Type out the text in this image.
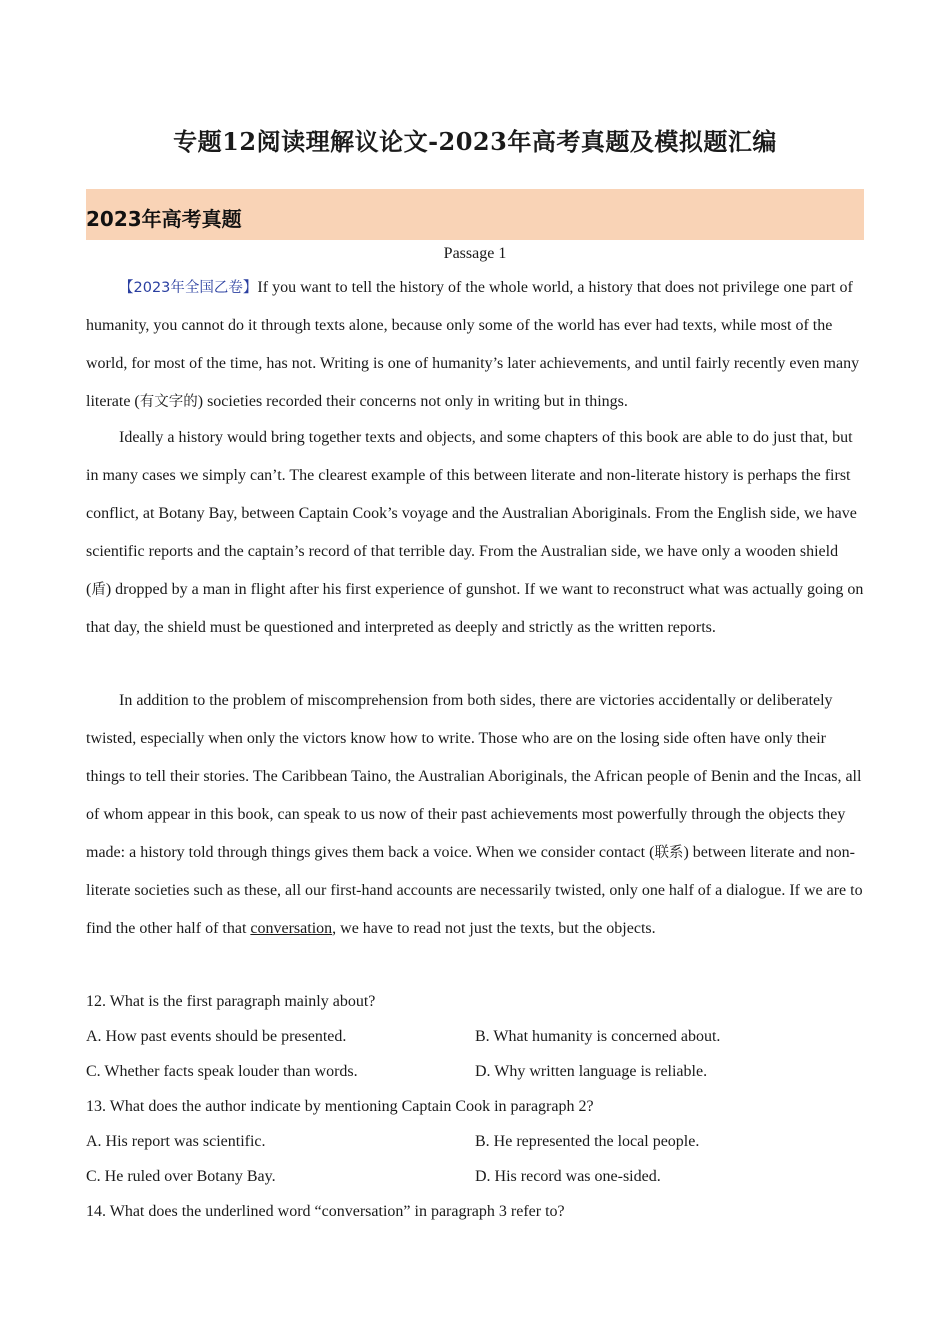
专题12阅读理解议论文-2023年高考真题及模拟题汇编
2023年高考真题
Passage 1

【2023年全国乙卷】If you want to tell the history of the whole world, a history that does not privilege one part of humanity, you cannot do it through texts alone, because only some of the world has ever had texts, while most of the world, for most of the time, has not. Writing is one of humanity’s later achievements, and until fairly recently even many literate (有文字的) societies recorded their concerns not only in writing but in things.

Ideally a history would bring together texts and objects, and some chapters of this book are able to do just that, but in many cases we simply can’t. The clearest example of this between literate and non-literate history is perhaps the first conflict, at Botany Bay, between Captain Cook’s voyage and the Australian Aboriginals. From the English side, we have scientific reports and the captain’s record of that terrible day. From the Australian side, we have only a wooden shield (盾) dropped by a man in flight after his first experience of gunshot. If we want to reconstruct what was actually going on that day, the shield must be questioned and interpreted as deeply and strictly as the written reports.

In addition to the problem of miscomprehension from both sides, there are victories accidentally or deliberately twisted, especially when only the victors know how to write. Those who are on the losing side often have only their things to tell their stories. The Caribbean Taino, the Australian Aboriginals, the African people of Benin and the Incas, all of whom appear in this book, can speak to us now of their past achievements most powerfully through the objects they made: a history told through things gives them back a voice. When we consider contact (联系) between literate and non-literate societies such as these, all our first-hand accounts are necessarily twisted, only one half of a dialogue. If we are to find the other half of that conversation, we have to read not just the texts, but the objects.

12. What is the first paragraph mainly about?
A. How past events should be presented.	B. What humanity is concerned about.
C. Whether facts speak louder than words.	D. Why written language is reliable.
13. What does the author indicate by mentioning Captain Cook in paragraph 2?
A. His report was scientific.	B. He represented the local people.
C. He ruled over Botany Bay.	D. His record was one-sided.
14. What does the underlined word “conversation” in paragraph 3 refer to?
